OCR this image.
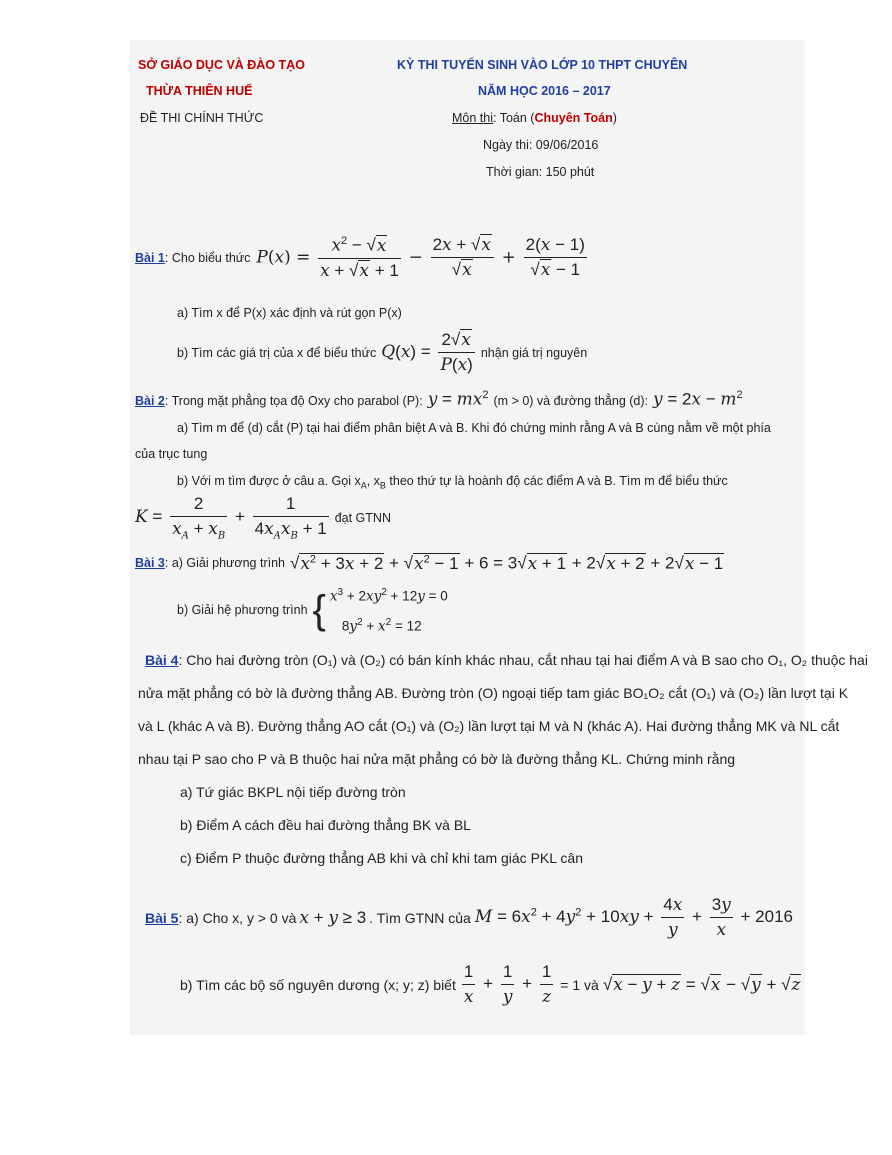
SỞ GIÁO DỤC VÀ ĐÀO TẠO
THỪA THIÊN HUẾ
ĐỀ THI CHÍNH THỨC
KỲ THI TUYỂN SINH VÀO LỚP 10 THPT CHUYÊN
NĂM HỌC 2016 – 2017
Môn thi: Toán (Chuyên Toán)
Ngày thi: 09/06/2016
Thời gian: 150 phút
Bài 1: Cho biểu thức $P(x) = \frac{x^2 - √x}{x + √x + 1} - \frac{2x + √x}{√x} + \frac{2(x - 1)}{√x - 1}$
a) Tìm x để P(x) xác định và rút gọn P(x)
b) Tìm các giá trị của x để biểu thức $Q(x) = \frac{2√x}{P(x)}$ nhận giá trị nguyên
Bài 2: Trong mặt phẳng tọa độ Oxy cho parabol (P): $y = mx^2$ (m > 0) và đường thẳng (d): $y = 2x - m^2$
a) Tìm m để (d) cắt (P) tại hai điểm phân biệt A và B. Khi đó chứng minh rằng A và B cùng nằm về một phía
của trục tung
b) Với m tìm được ở câu a. Gọi $x_A$, $x_B$ theo thứ tự là hoành độ các điểm A và B. Tìm m để biểu thức
$K = \frac{2}{x_A + x_B} + \frac{1}{4x_Ax_B + 1}$ đạt GTNN
Bài 3: a) Giải phương trình $√x^2 + 3x + 2 + √x^2 - 1 + 6 = 3√x + 1 + 2√x + 2 + 2√x - 1$
b) Giải hệ phương trình { $x^3 + 2xy^2 + 12y = 0$
$8y^2 + x^2 = 12$
Bài 4: Cho hai đường tròn (O₁) và (O₂) có bán kính khác nhau, cắt nhau tại hai điểm A và B sao cho O₁, O₂ thuộc hai
nửa mặt phẳng có bờ là đường thẳng AB. Đường tròn (O) ngoại tiếp tam giác BO₁O₂ cắt (O₁) và (O₂) lần lượt tại K
và L (khác A và B). Đường thẳng AO cắt (O₁) và (O₂) lần lượt tại M và N (khác A). Hai đường thẳng MK và NL cắt
nhau tại P sao cho P và B thuộc hai nửa mặt phẳng có bờ là đường thẳng KL. Chứng minh rằng
a) Tứ giác BKPL nội tiếp đường tròn
b) Điểm A cách đều hai đường thẳng BK và BL
c) Điểm P thuộc đường thẳng AB khi và chỉ khi tam giác PKL cân
Bài 5: a) Cho x, y > 0 và x + y ≥ 3 . Tìm GTNN của $M = 6x^2 + 4y^2 + 10xy + \frac{4x}{y} + \frac{3y}{x} + 2016$
b) Tìm các bộ số nguyên dương (x; y; z) biết $\frac{1}{x} + \frac{1}{y} + \frac{1}{z} = 1$ và √x − y + z = √x − √y + √z
